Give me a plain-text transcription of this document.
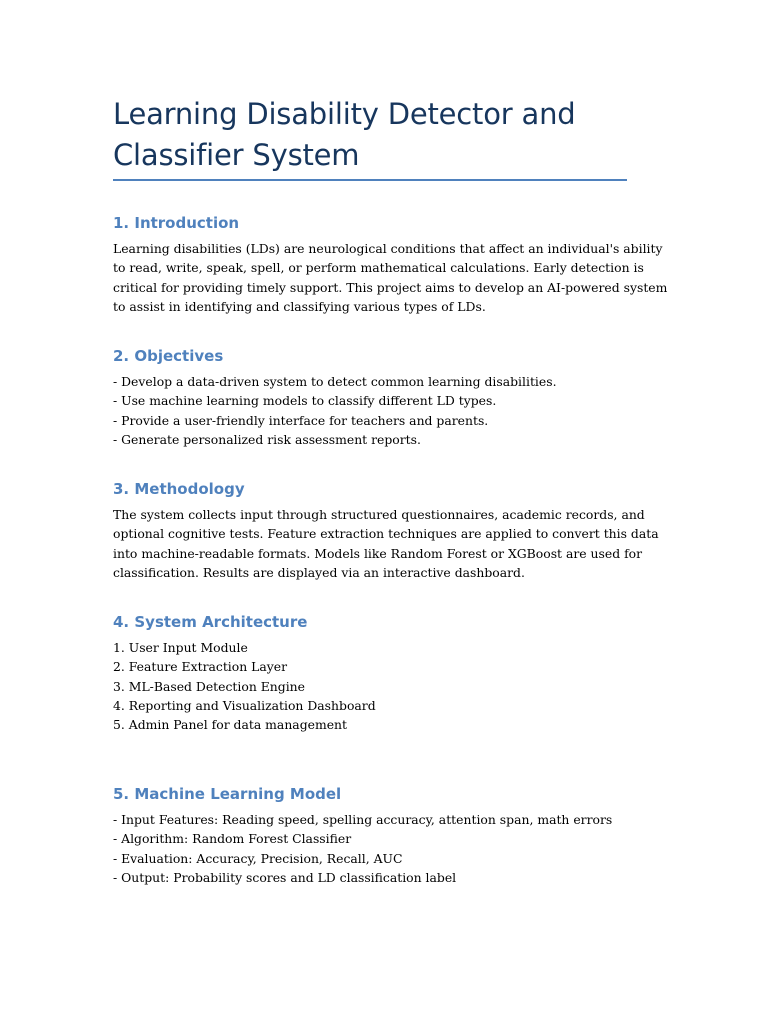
Learning Disability Detector and Classifier System
1. Introduction

Learning disabilities (LDs) are neurological conditions that affect an individual's ability to read, write, speak, spell, or perform mathematical calculations. Early detection is critical for providing timely support. This project aims to develop an AI-powered system to assist in identifying and classifying various types of LDs.

2. Objectives
- Develop a data-driven system to detect common learning disabilities.
- Use machine learning models to classify different LD types.
- Provide a user-friendly interface for teachers and parents.
- Generate personalized risk assessment reports.
3. Methodology

The system collects input through structured questionnaires, academic records, and optional cognitive tests. Feature extraction techniques are applied to convert this data into machine-readable formats. Models like Random Forest or XGBoost are used for classification. Results are displayed via an interactive dashboard.

4. System Architecture
1. User Input Module
2. Feature Extraction Layer
3. ML-Based Detection Engine
4. Reporting and Visualization Dashboard
5. Admin Panel for data management
5. Machine Learning Model
- Input Features: Reading speed, spelling accuracy, attention span, math errors
- Algorithm: Random Forest Classifier
- Evaluation: Accuracy, Precision, Recall, AUC
- Output: Probability scores and LD classification label
